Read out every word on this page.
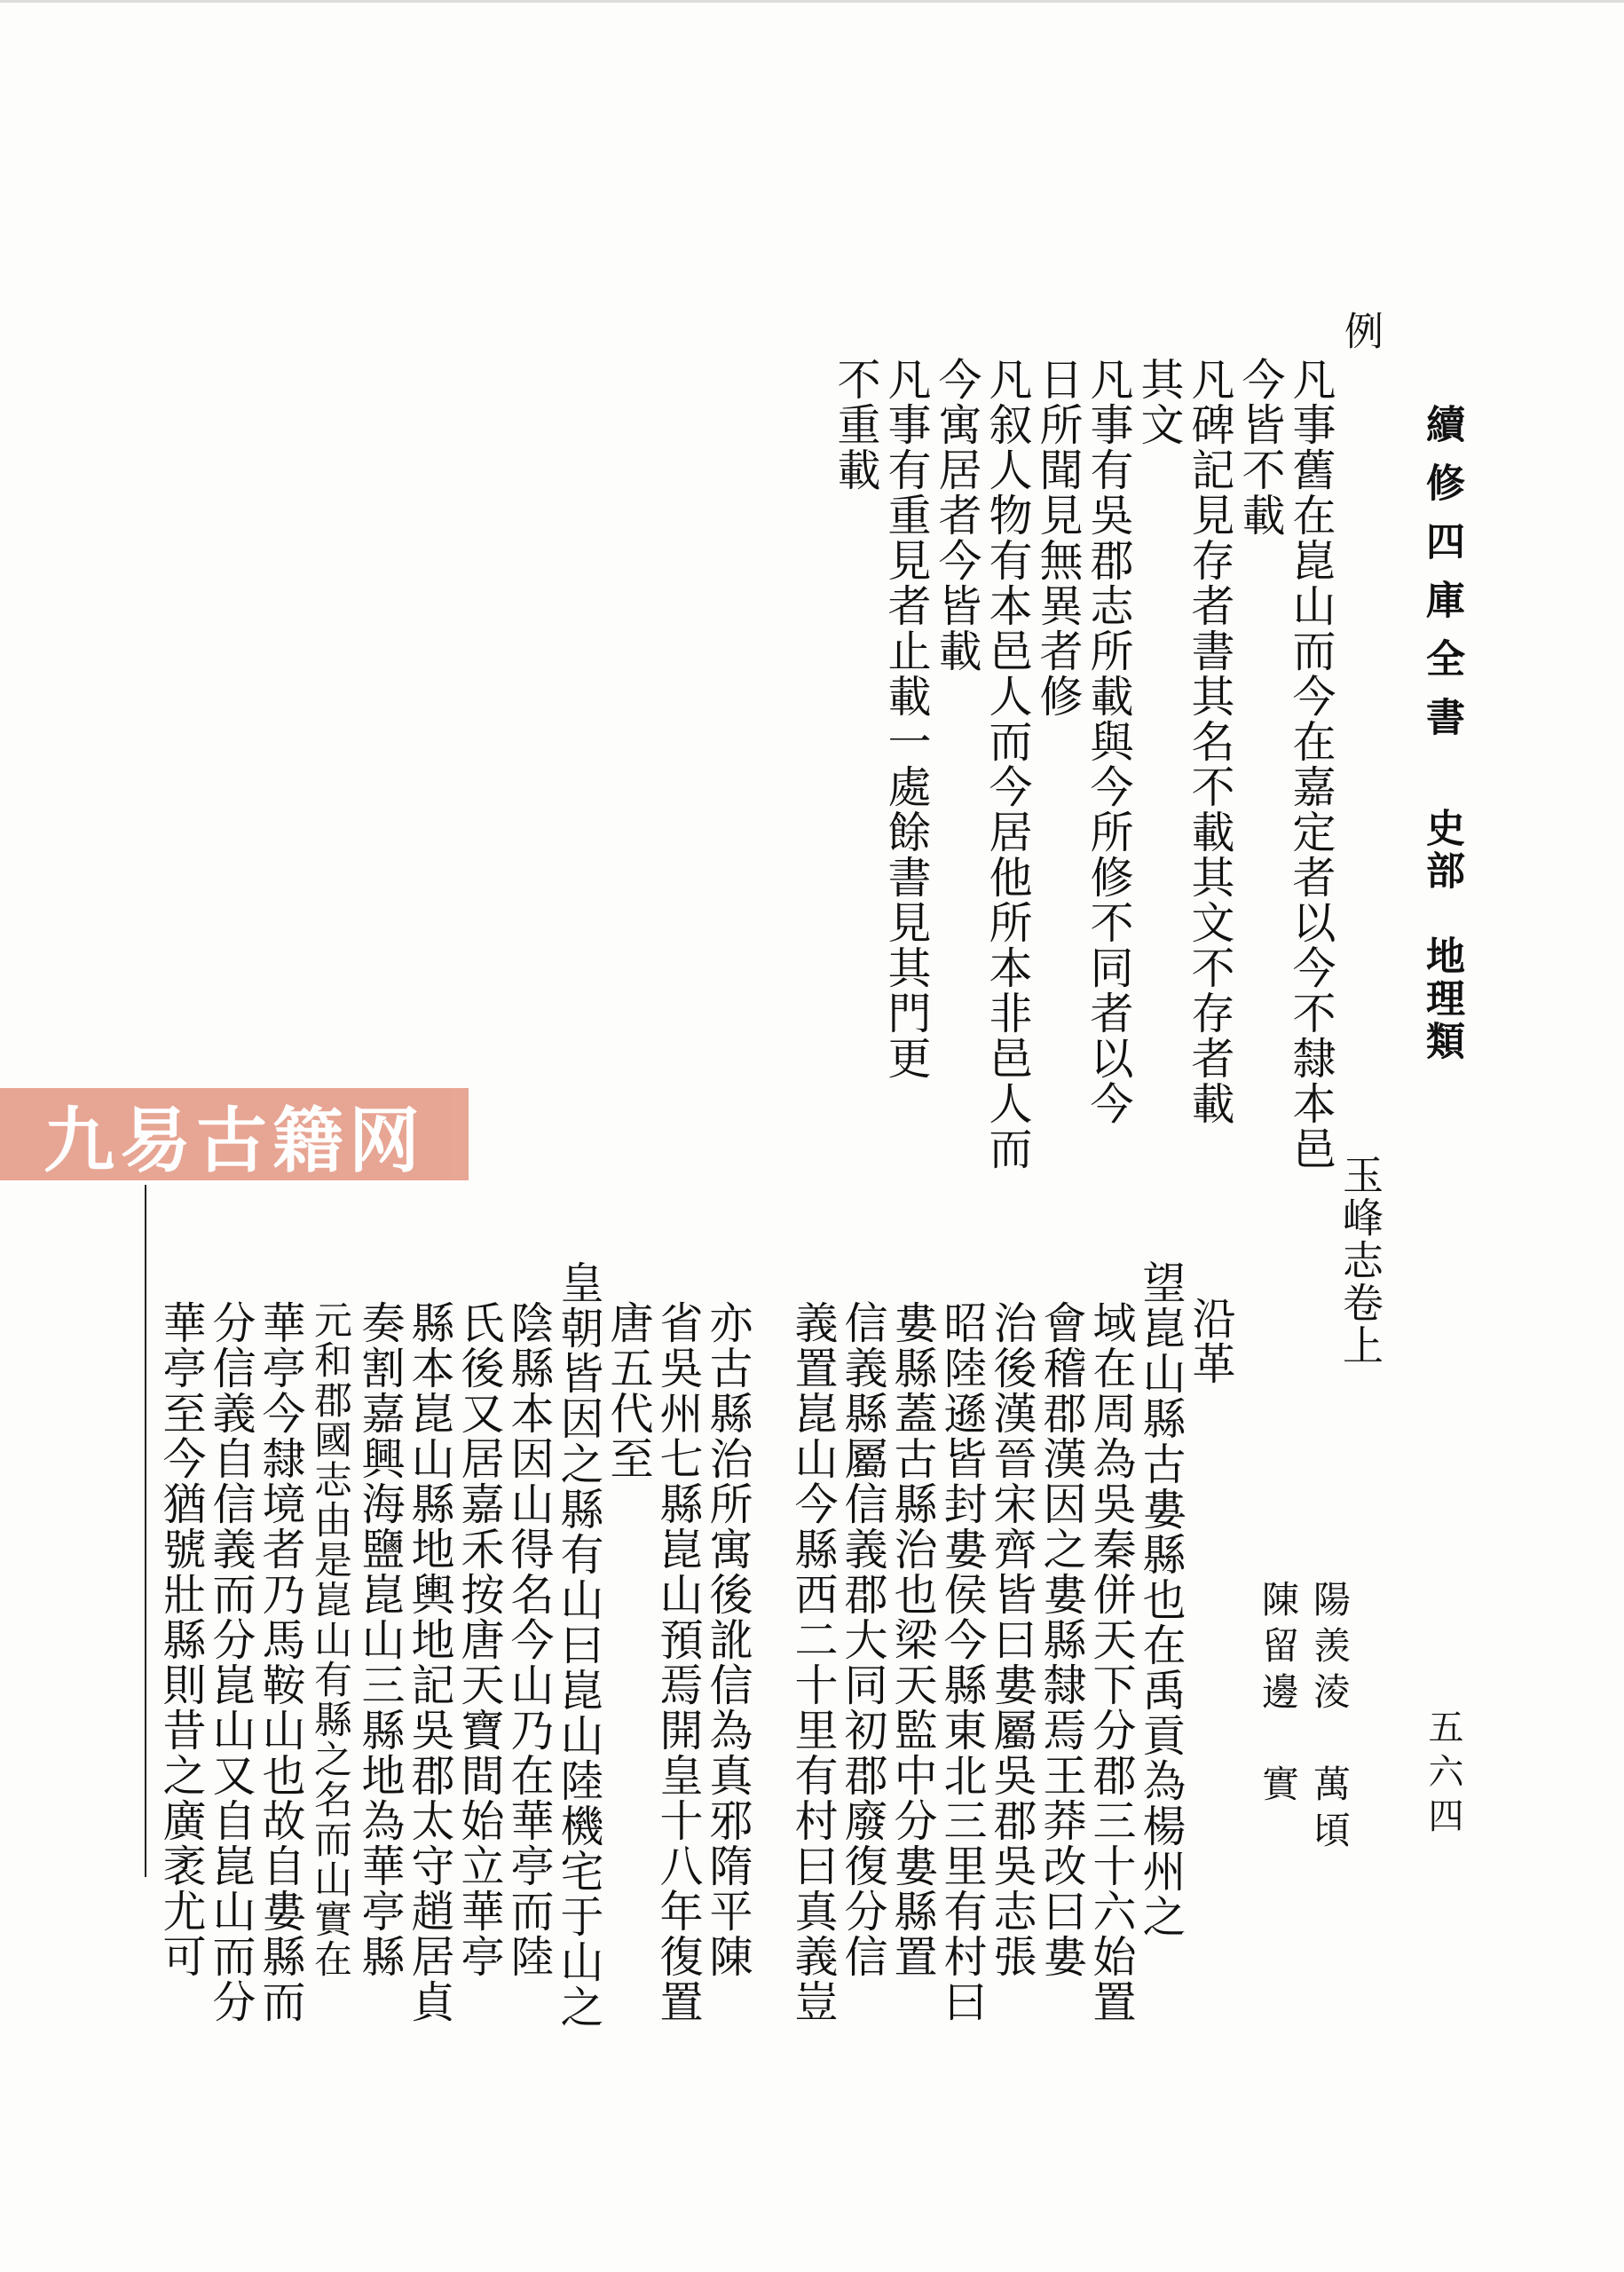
續修四庫全書
史部　地理類
五六四
例
凡事舊在崑山而今在嘉定者以今不隸本邑
今皆不載
凡碑記見存者書其名不載其文不存者載
其文
凡事有吳郡志所載與今所修不同者以今
日所聞見無異者修
凡叙人物有本邑人而今居他所本非邑人而
今寓居者今皆載
凡事有重見者止載一處餘書見其門更
不重載
九易古籍网
玉峰志卷上
陽羡淩　萬頃
陳留邊　實
沿革
望崑山縣古婁縣也在禹貢為楊州之
域在周為吳秦併天下分郡三十六始置
會稽郡漢因之婁縣隸焉王莽改曰婁
治後漢晉宋齊皆曰婁屬吳郡吳志張
昭陸遜皆封婁侯今縣東北三里有村曰
婁縣蓋古縣治也梁天監中分婁縣置
信義縣屬信義郡大同初郡廢復分信
義置崑山今縣西二十里有村曰真義豈
亦古縣治所寓後訛信為真邪隋平陳
省吳州七縣崑山預焉開皇十八年復置
唐五代至
皇朝皆因之縣有山曰崑山陸機宅于山之
陰縣本因山得名今山乃在華亭而陸
氏後又居嘉禾按唐天寶間始立華亭
縣本崑山縣地輿地記吳郡太守趙居貞
奏割嘉興海鹽崑山三縣地為華亭縣
元和郡國志由是崑山有縣之名而山實在
華亭今隸境者乃馬鞍山也故自婁縣而
分信義自信義而分崑山又自崑山而分
華亭至今猶號壯縣則昔之廣袤尤可
